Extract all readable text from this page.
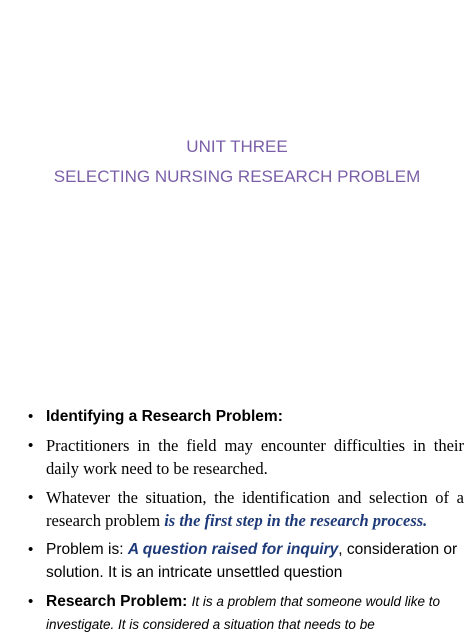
UNIT THREE
SELECTING NURSING RESEARCH PROBLEM
• Identifying a Research Problem:
• Practitioners in the field may encounter difficulties in their daily work need to be researched.
• Whatever the situation, the identification and selection of a research problem is the first step in the research process.
• Problem is: A question raised for inquiry, consideration or solution. It is an intricate unsettled question
• Research Problem: It is a problem that someone would like to investigate. It is considered a situation that needs to be
